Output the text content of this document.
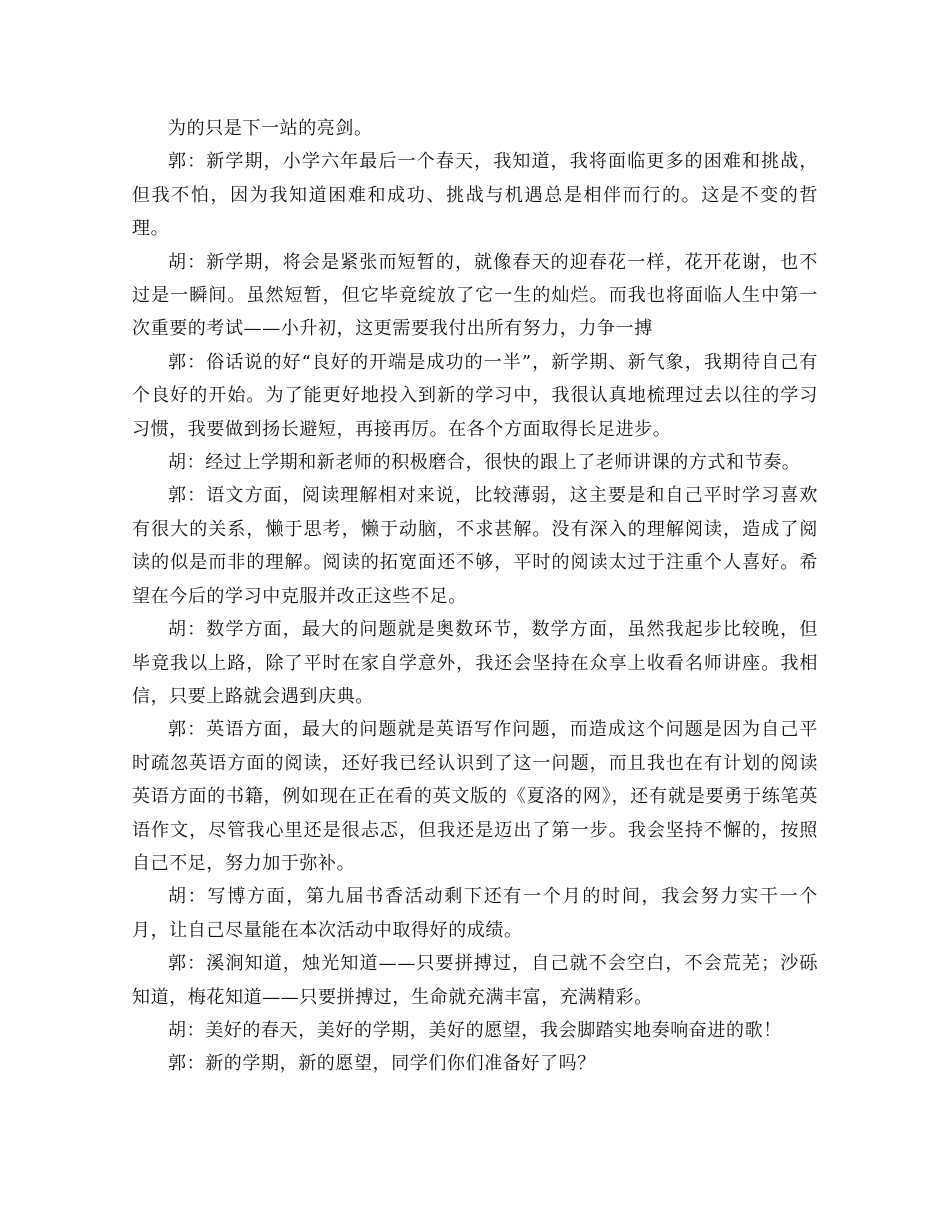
为的只是下一站的亮剑。

郭：新学期，小学六年最后一个春天，我知道，我将面临更多的困难和挑战，但我不怕，因为我知道困难和成功、挑战与机遇总是相伴而行的。这是不变的哲理。

胡：新学期，将会是紧张而短暂的，就像春天的迎春花一样，花开花谢，也不过是一瞬间。虽然短暂，但它毕竟绽放了它一生的灿烂。而我也将面临人生中第一次重要的考试——小升初，这更需要我付出所有努力，力争一搏

郭：俗话说的好“良好的开端是成功的一半”，新学期、新气象，我期待自己有个良好的开始。为了能更好地投入到新的学习中，我很认真地梳理过去以往的学习习惯，我要做到扬长避短，再接再厉。在各个方面取得长足进步。

胡：经过上学期和新老师的积极磨合，很快的跟上了老师讲课的方式和节奏。

郭：语文方面，阅读理解相对来说，比较薄弱，这主要是和自己平时学习喜欢有很大的关系，懒于思考，懒于动脑，不求甚解。没有深入的理解阅读，造成了阅读的似是而非的理解。阅读的拓宽面还不够，平时的阅读太过于注重个人喜好。希望在今后的学习中克服并改正这些不足。

胡：数学方面，最大的问题就是奥数环节，数学方面，虽然我起步比较晚，但毕竟我以上路，除了平时在家自学意外，我还会坚持在众享上收看名师讲座。我相信，只要上路就会遇到庆典。

郭：英语方面，最大的问题就是英语写作问题，而造成这个问题是因为自己平时疏忽英语方面的阅读，还好我已经认识到了这一问题，而且我也在有计划的阅读英语方面的书籍，例如现在正在看的英文版的《夏洛的网》，还有就是要勇于练笔英语作文，尽管我心里还是很忐忑，但我还是迈出了第一步。我会坚持不懈的，按照自己不足，努力加于弥补。

胡：写博方面，第九届书香活动剩下还有一个月的时间，我会努力实干一个月，让自己尽量能在本次活动中取得好的成绩。

郭：溪涧知道，烛光知道——只要拼搏过，自己就不会空白，不会荒芜；沙砾知道，梅花知道——只要拼搏过，生命就充满丰富，充满精彩。

胡：美好的春天，美好的学期，美好的愿望，我会脚踏实地奏响奋进的歌！

郭：新的学期，新的愿望，同学们你们准备好了吗？
